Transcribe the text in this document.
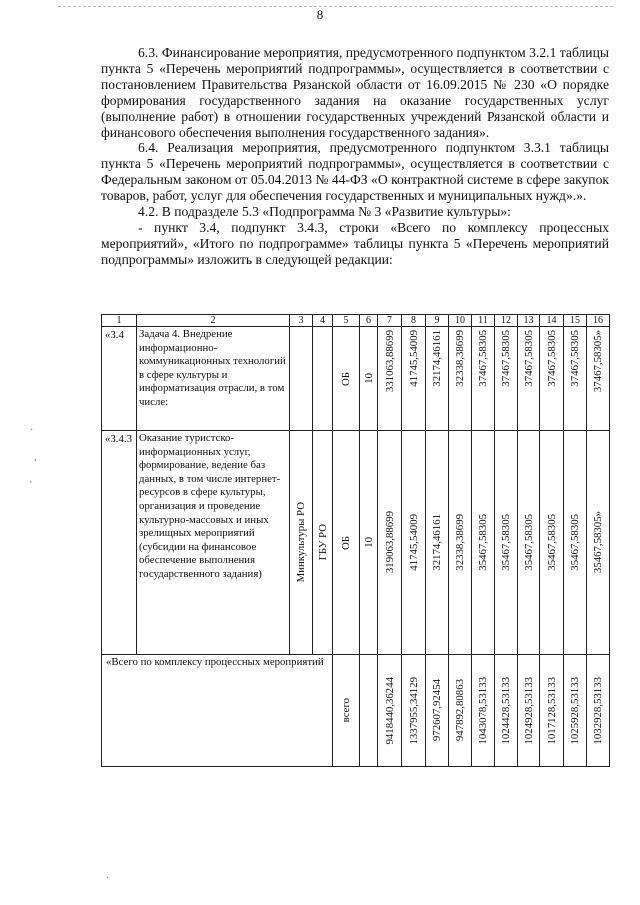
8

6.3. Финансирование мероприятия, предусмотренного подпунктом 3.2.1 таблицы пункта 5 «Перечень мероприятий подпрограммы», осуществляется в соответствии с постановлением Правительства Рязанской области от 16.09.2015 № 230 «О порядке формирования государственного задания на оказание государственных услуг (выполнение работ) в отношении государственных учреждений Рязанской области и финансового обеспечения выполнения государственного задания».

6.4. Реализация мероприятия, предусмотренного подпунктом 3.3.1 таблицы пункта 5 «Перечень мероприятий подпрограммы», осуществляется в соответствии с Федеральным законом от 05.04.2013 № 44-ФЗ «О контрактной системе в сфере закупок товаров, работ, услуг для обеспечения государственных и муниципальных нужд».».

4.2. В подразделе 5.3 «Подпрограмма № 3 «Развитие культуры»:

- пункт 3.4, подпункт 3.4.3, строки «Всего по комплексу процессных мероприятий», «Итого по подпрограмме» таблицы пункта 5 «Перечень мероприятий подпрограммы» изложить в следующей редакции:

1	2	3	4	5	6	7	8	9	10	11	12	13	14	15	16
«3.4	Задача 4. Внедрение информационно-коммуникационных технологий в сфере культуры и информатизация отрасли, в том числе:			ОБ	10	331063,88699	41745,54009	32174,46161	32338,38699	37467,58305	37467,58305	37467,58305	37467,58305	37467,58305	37467,58305»

«3.4.3	Оказание туристско-информационных услуг, формирование, ведение баз данных, в том числе интернет-ресурсов в сфере культуры, организация и проведение культурно-массовых и иных зрелищных мероприятий (субсидии на финансовое обеспечение выполнения государственного задания)	Минкультуры РО	ГБУ РО	ОБ	10	319063,88699	41745,54009	32174,46161	32338,38699	35467,58305	35467,58305	35467,58305	35467,58305	35467,58305	35467,58305»

«Всего по комплексу процессных мероприятий				всего		9418440,36244	1337955,34129	972607,92454	947892,80863	1043078,53133	1024428,53133	1024928,53133	1017128,53133	1025928,53133	1032928,53133
·
,
'
·
